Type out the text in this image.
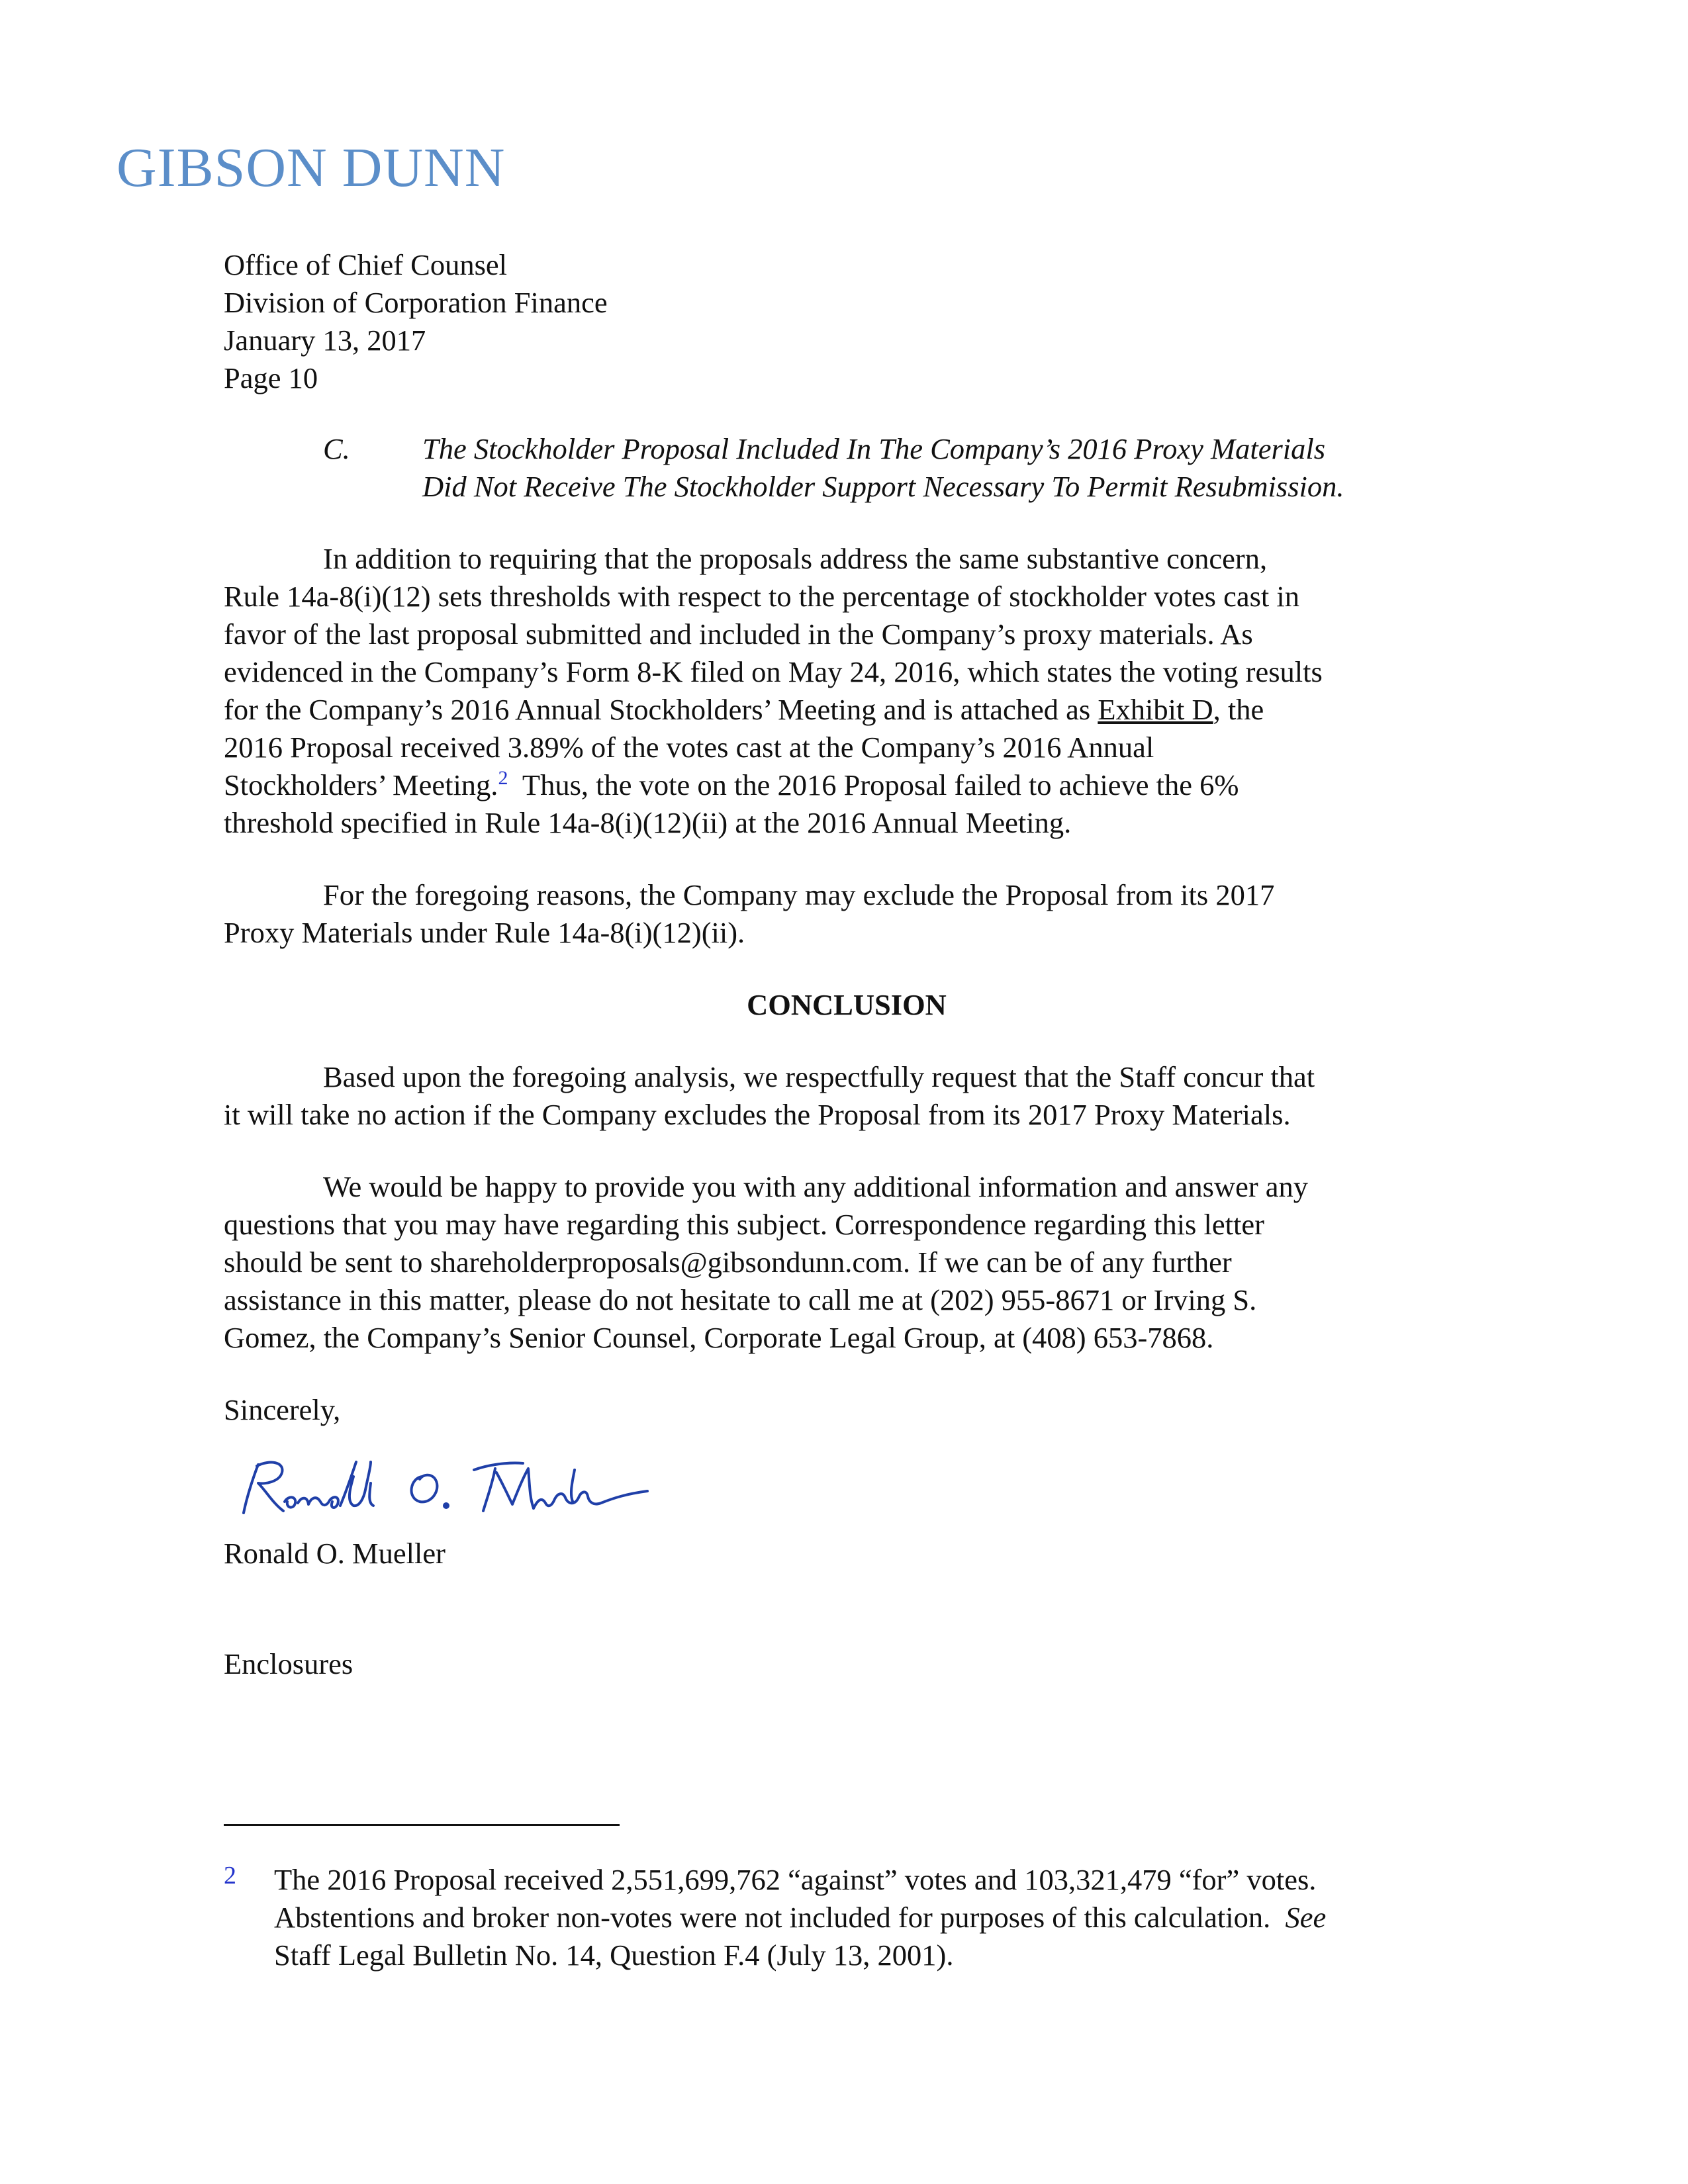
GIBSON DUNN
Office of Chief Counsel
Division of Corporation Finance
January 13, 2017
Page 10
C. The Stockholder Proposal Included In The Company’s 2016 Proxy Materials
Did Not Receive The Stockholder Support Necessary To Permit Resubmission.

In addition to requiring that the proposals address the same substantive concern,
Rule 14a-8(i)(12) sets thresholds with respect to the percentage of stockholder votes cast in
favor of the last proposal submitted and included in the Company’s proxy materials. As
evidenced in the Company’s Form 8-K filed on May 24, 2016, which states the voting results
for the Company’s 2016 Annual Stockholders’ Meeting and is attached as Exhibit D, the
2016 Proposal received 3.89% of the votes cast at the Company’s 2016 Annual
Stockholders’ Meeting.$^2$  Thus, the vote on the 2016 Proposal failed to achieve the 6%
threshold specified in Rule 14a-8(i)(12)(ii) at the 2016 Annual Meeting.

For the foregoing reasons, the Company may exclude the Proposal from its 2017
Proxy Materials under Rule 14a-8(i)(12)(ii).

CONCLUSION

Based upon the foregoing analysis, we respectfully request that the Staff concur that
it will take no action if the Company excludes the Proposal from its 2017 Proxy Materials.

We would be happy to provide you with any additional information and answer any
questions that you may have regarding this subject. Correspondence regarding this letter
should be sent to shareholderproposals@gibsondunn.com. If we can be of any further
assistance in this matter, please do not hesitate to call me at (202) 955-8671 or Irving S.
Gomez, the Company’s Senior Counsel, Corporate Legal Group, at (408) 653-7868.

Sincerely,
Ronald O. Mueller
Enclosures
2 The 2016 Proposal received 2,551,699,762 “against” votes and 103,321,479 “for” votes.
Abstentions and broker non-votes were not included for purposes of this calculation.  See
Staff Legal Bulletin No. 14, Question F.4 (July 13, 2001).
